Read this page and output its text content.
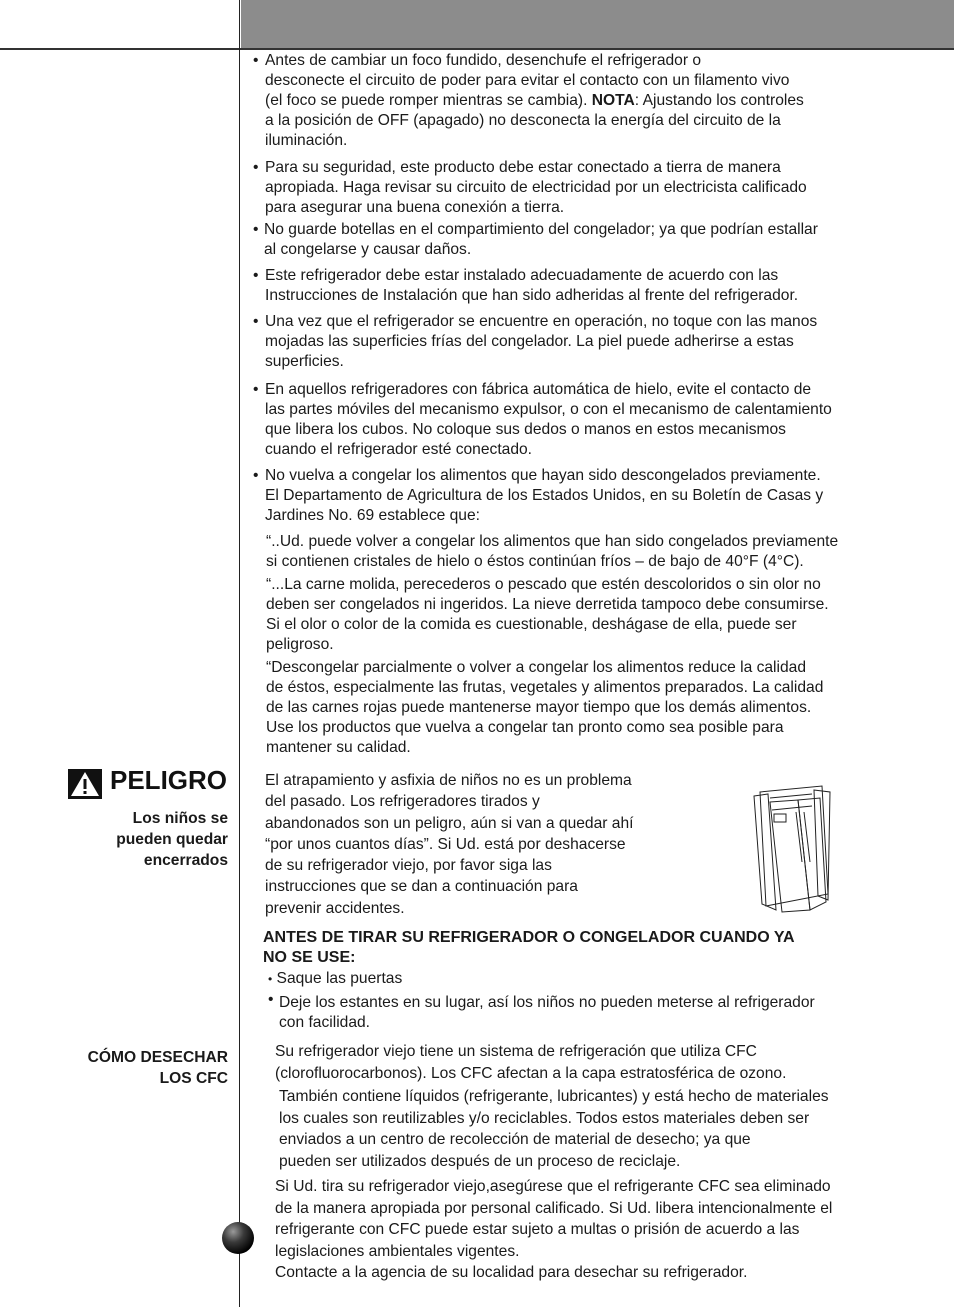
• Antes de cambiar un foco fundido, desenchufe el refrigerador o
desconecte el circuito de poder para evitar el contacto con un filamento vivo
(el foco se puede romper mientras se cambia). NOTA: Ajustando los controles
a la posición de OFF (apagado) no desconecta la energía del circuito de la
iluminación.
• Para su seguridad, este producto debe estar conectado a tierra de manera
apropiada. Haga revisar su circuito de electricidad por un electricista calificado
para asegurar una buena conexión a tierra.
• No guarde botellas en el compartimiento del congelador; ya que podrían estallar
al congelarse y causar daños.
• Este refrigerador debe estar instalado adecuadamente de acuerdo con las
Instrucciones de Instalación que han sido adheridas al frente del refrigerador.
• Una vez que el refrigerador se encuentre en operación, no toque con las manos
mojadas las superficies frías del congelador. La piel puede adherirse a estas
superficies.
• En aquellos refrigeradores con fábrica automática de hielo, evite el contacto de
las partes móviles del mecanismo expulsor, o con el mecanismo de calentamiento
que libera los cubos. No coloque sus dedos o manos en estos mecanismos
cuando el refrigerador esté conectado.
• No vuelva a congelar los alimentos que hayan sido descongelados previamente.
El Departamento de Agricultura de los Estados Unidos, en su Boletín de Casas y
Jardines No. 69 establece que:
“..Ud. puede volver a congelar los alimentos que han sido congelados previamente
si contienen cristales de hielo o éstos continúan fríos – de bajo de 40°F (4°C).
“...La carne molida, perecederos o pescado que estén descoloridos o sin olor no
deben ser congelados ni ingeridos. La nieve derretida tampoco debe consumirse.
Si el olor o color de la comida es cuestionable, deshágase de ella, puede ser
peligroso.
“Descongelar parcialmente o volver a congelar los alimentos reduce la calidad
de éstos, especialmente las frutas, vegetales y alimentos preparados. La calidad
de las carnes rojas puede mantenerse mayor tiempo que los demás alimentos.
Use los productos que vuelva a congelar tan pronto como sea posible para
mantener su calidad.
PELIGRO
Los niños se
pueden quedar
encerrados
El atrapamiento y asfixia de niños no es un problema
del pasado. Los refrigeradores tirados y
abandonados son un peligro, aún si van a quedar ahí
“por unos cuantos días”. Si Ud. está por deshacerse
de su refrigerador viejo, por favor siga las
instrucciones que se dan a continuación para
prevenir accidentes.
ANTES DE TIRAR SU REFRIGERADOR O CONGELADOR CUANDO YA
NO SE USE:
• Saque las puertas
• Deje los estantes en su lugar, así los niños no pueden meterse al refrigerador
con facilidad.
CÓMO DESECHAR
LOS CFC
Su refrigerador viejo tiene un sistema de refrigeración que utiliza CFC
(clorofluorocarbonos). Los CFC afectan a la capa estratosférica de ozono.
También contiene líquidos (refrigerante, lubricantes) y está hecho de materiales
los cuales son reutilizables y/o reciclables. Todos estos materiales deben ser
enviados a un centro de recolección de material de desecho; ya que
pueden ser utilizados después de un proceso de reciclaje.
Si Ud. tira su refrigerador viejo,asegúrese que el refrigerante CFC sea eliminado
de la manera apropiada por personal calificado. Si Ud. libera intencionalmente el
refrigerante con CFC puede estar sujeto a multas o prisión de acuerdo a las
legislaciones ambientales vigentes.
Contacte a la agencia de su localidad para desechar su refrigerador.
